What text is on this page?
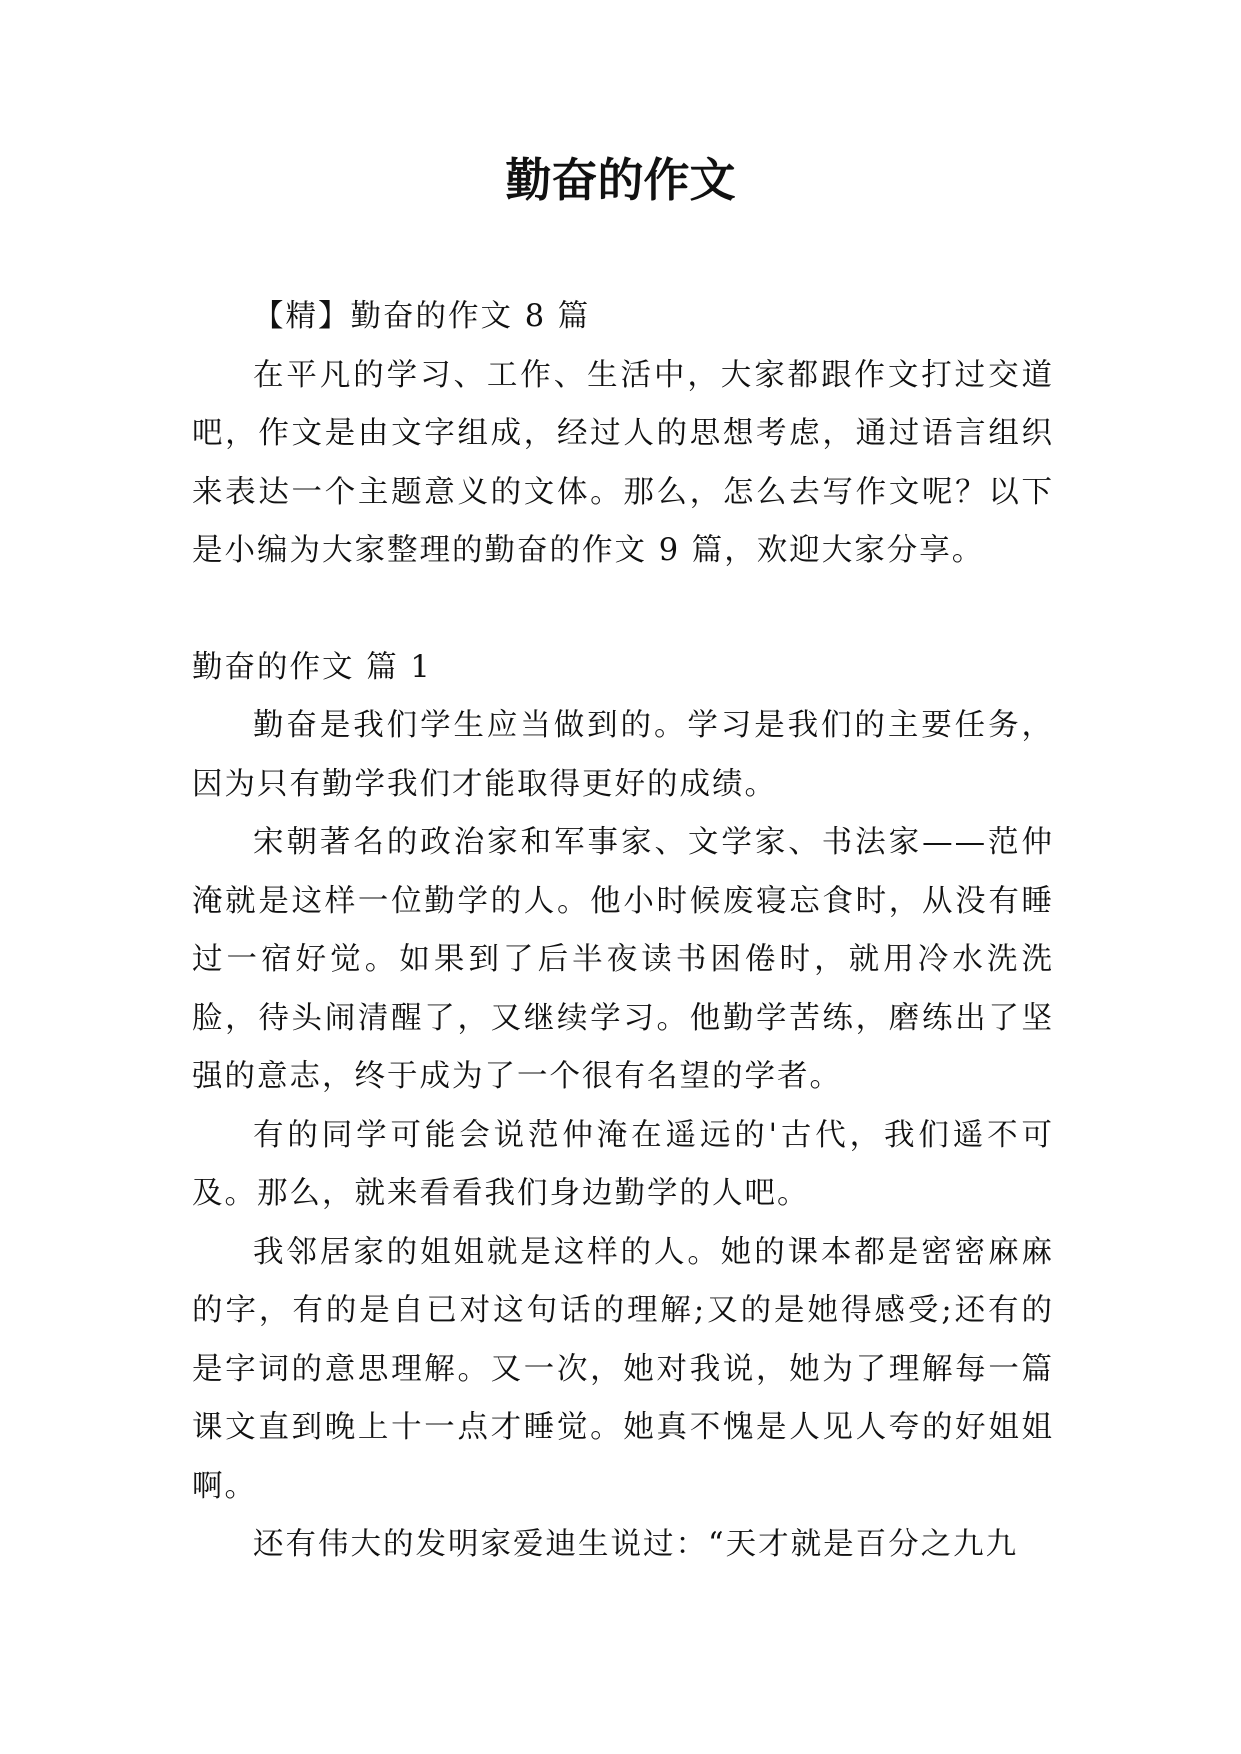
勤奋的作文

【精】勤奋的作文 8 篇

在平凡的学习、工作、生活中，大家都跟作文打过交道吧，作文是由文字组成，经过人的思想考虑，通过语言组织来表达一个主题意义的文体。那么，怎么去写作文呢？以下是小编为大家整理的勤奋的作文 9 篇，欢迎大家分享。

勤奋的作文 篇 1

勤奋是我们学生应当做到的。学习是我们的主要任务，因为只有勤学我们才能取得更好的成绩。

宋朝著名的政治家和军事家、文学家、书法家——范仲淹就是这样一位勤学的人。他小时候废寝忘食时，从没有睡过一宿好觉。如果到了后半夜读书困倦时，就用冷水洗洗脸，待头闹清醒了，又继续学习。他勤学苦练，磨练出了坚强的意志，终于成为了一个很有名望的学者。

有的同学可能会说范仲淹在遥远的'古代，我们遥不可及。那么，就来看看我们身边勤学的人吧。

我邻居家的姐姐就是这样的人。她的课本都是密密麻麻的字，有的是自已对这句话的理解;又的是她得感受;还有的是字词的意思理解。又一次，她对我说，她为了理解每一篇课文直到晚上十一点才睡觉。她真不愧是人见人夸的好姐姐啊。

还有伟大的发明家爱迪生说过：“天才就是百分之九九
